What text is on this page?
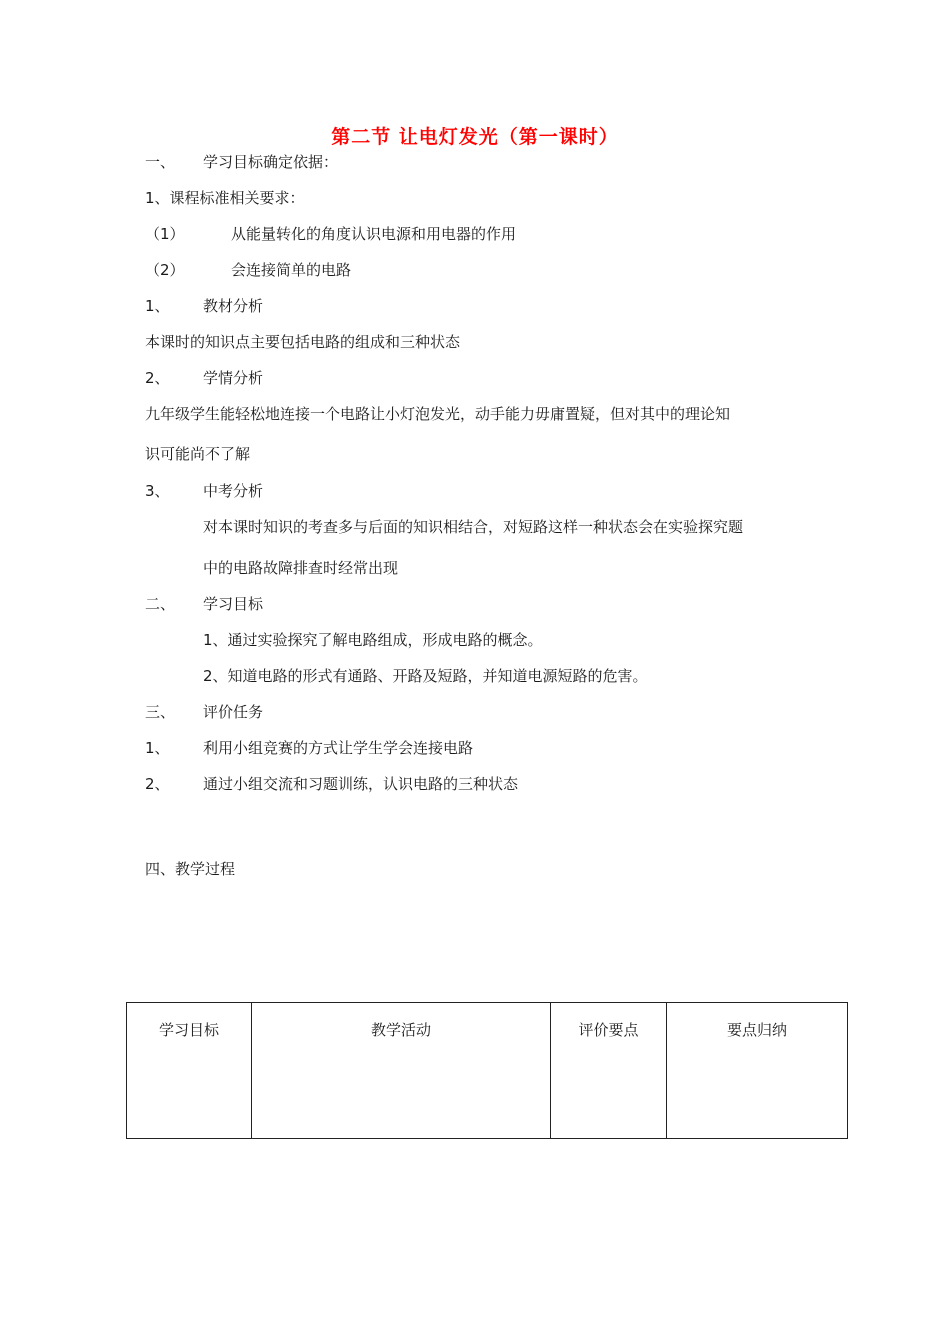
第二节 让电灯发光（第一课时）
一、 学习目标确定依据：
1、课程标准相关要求：
（1）	从能量转化的角度认识电源和用电器的作用
（2）	会连接简单的电路
1、 教材分析
本课时的知识点主要包括电路的组成和三种状态
2、 学情分析
九年级学生能轻松地连接一个电路让小灯泡发光，动手能力毋庸置疑，但对其中的理论知
识可能尚不了解
3、 中考分析
对本课时知识的考查多与后面的知识相结合，对短路这样一种状态会在实验探究题
中的电路故障排查时经常出现
二、 学习目标
1、通过实验探究了解电路组成，形成电路的概念。
2、知道电路的形式有通路、开路及短路，并知道电源短路的危害。
三、 评价任务
1、 利用小组竞赛的方式让学生学会连接电路
2、 通过小组交流和习题训练，认识电路的三种状态
四、教学过程
学习目标	教学活动	评价要点	要点归纳
